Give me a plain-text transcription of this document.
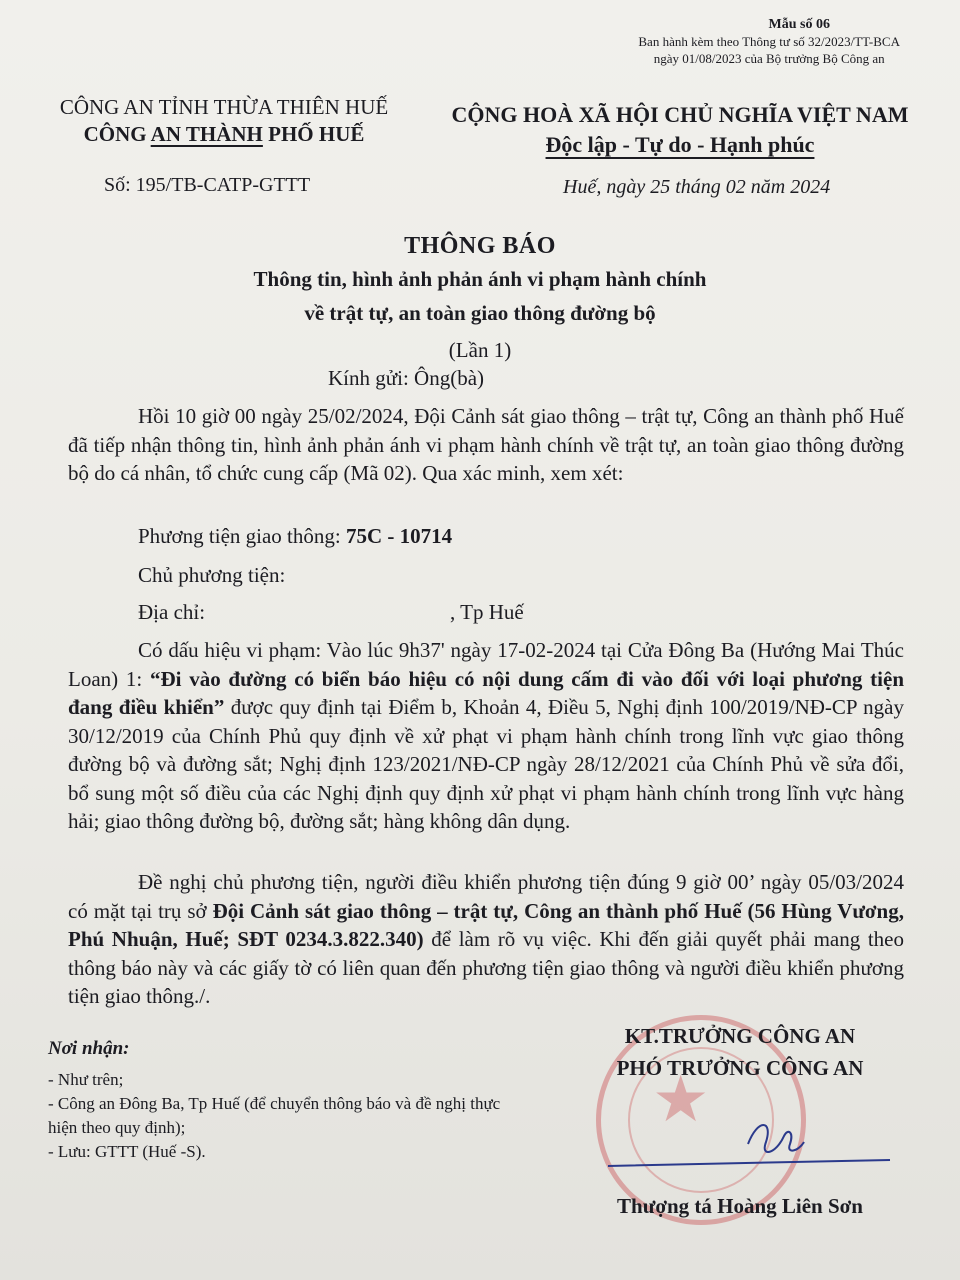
Mẫu số 06
Ban hành kèm theo Thông tư số 32/2023/TT-BCA
ngày 01/08/2023 của Bộ trưởng Bộ Công an
CÔNG AN TỈNH THỪA THIÊN HUẾ
CÔNG AN THÀNH PHỐ HUẾ
CỘNG HOÀ XÃ HỘI CHỦ NGHĨA VIỆT NAM
Độc lập - Tự do - Hạnh phúc
Số: 195/TB-CATP-GTTT	Huế, ngày 25 tháng 02 năm 2024
THÔNG BÁO
Thông tin, hình ảnh phản ánh vi phạm hành chính
về trật tự, an toàn giao thông đường bộ
(Lần 1)
Kính gửi: Ông(bà)
Hồi 10 giờ 00 ngày 25/02/2024, Đội Cảnh sát giao thông – trật tự, Công an thành phố Huế đã tiếp nhận thông tin, hình ảnh phản ánh vi phạm hành chính về trật tự, an toàn giao thông đường bộ do cá nhân, tổ chức cung cấp (Mã 02). Qua xác minh, xem xét:
Phương tiện giao thông: 75C - 10714
Chủ phương tiện:
Địa chỉ:	, Tp Huế
Có dấu hiệu vi phạm: Vào lúc 9h37' ngày 17-02-2024 tại Cửa Đông Ba (Hướng Mai Thúc Loan) 1: “Đi vào đường có biển báo hiệu có nội dung cấm đi vào đối với loại phương tiện đang điều khiển” được quy định tại Điểm b, Khoản 4, Điều 5, Nghị định 100/2019/NĐ-CP ngày 30/12/2019 của Chính Phủ quy định về xử phạt vi phạm hành chính trong lĩnh vực giao thông đường bộ và đường sắt; Nghị định 123/2021/NĐ-CP ngày 28/12/2021 của Chính Phủ về sửa đổi, bổ sung một số điều của các Nghị định quy định xử phạt vi phạm hành chính trong lĩnh vực hàng hải; giao thông đường bộ, đường sắt; hàng không dân dụng.
Đề nghị chủ phương tiện, người điều khiển phương tiện đúng 9 giờ 00’ ngày 05/03/2024 có mặt tại trụ sở Đội Cảnh sát giao thông – trật tự, Công an thành phố Huế (56 Hùng Vương, Phú Nhuận, Huế; SĐT 0234.3.822.340) để làm rõ vụ việc. Khi đến giải quyết phải mang theo thông báo này và các giấy tờ có liên quan đến phương tiện giao thông và người điều khiển phương tiện giao thông./.
Nơi nhận:
- Như trên;
- Công an Đông Ba, Tp Huế (để chuyển thông báo và đề nghị thực hiện theo quy định);
- Lưu: GTTT (Huế -S).
★
KT.TRƯỞNG CÔNG AN
PHÓ TRƯỞNG CÔNG AN
Thượng tá Hoàng Liên Sơn
